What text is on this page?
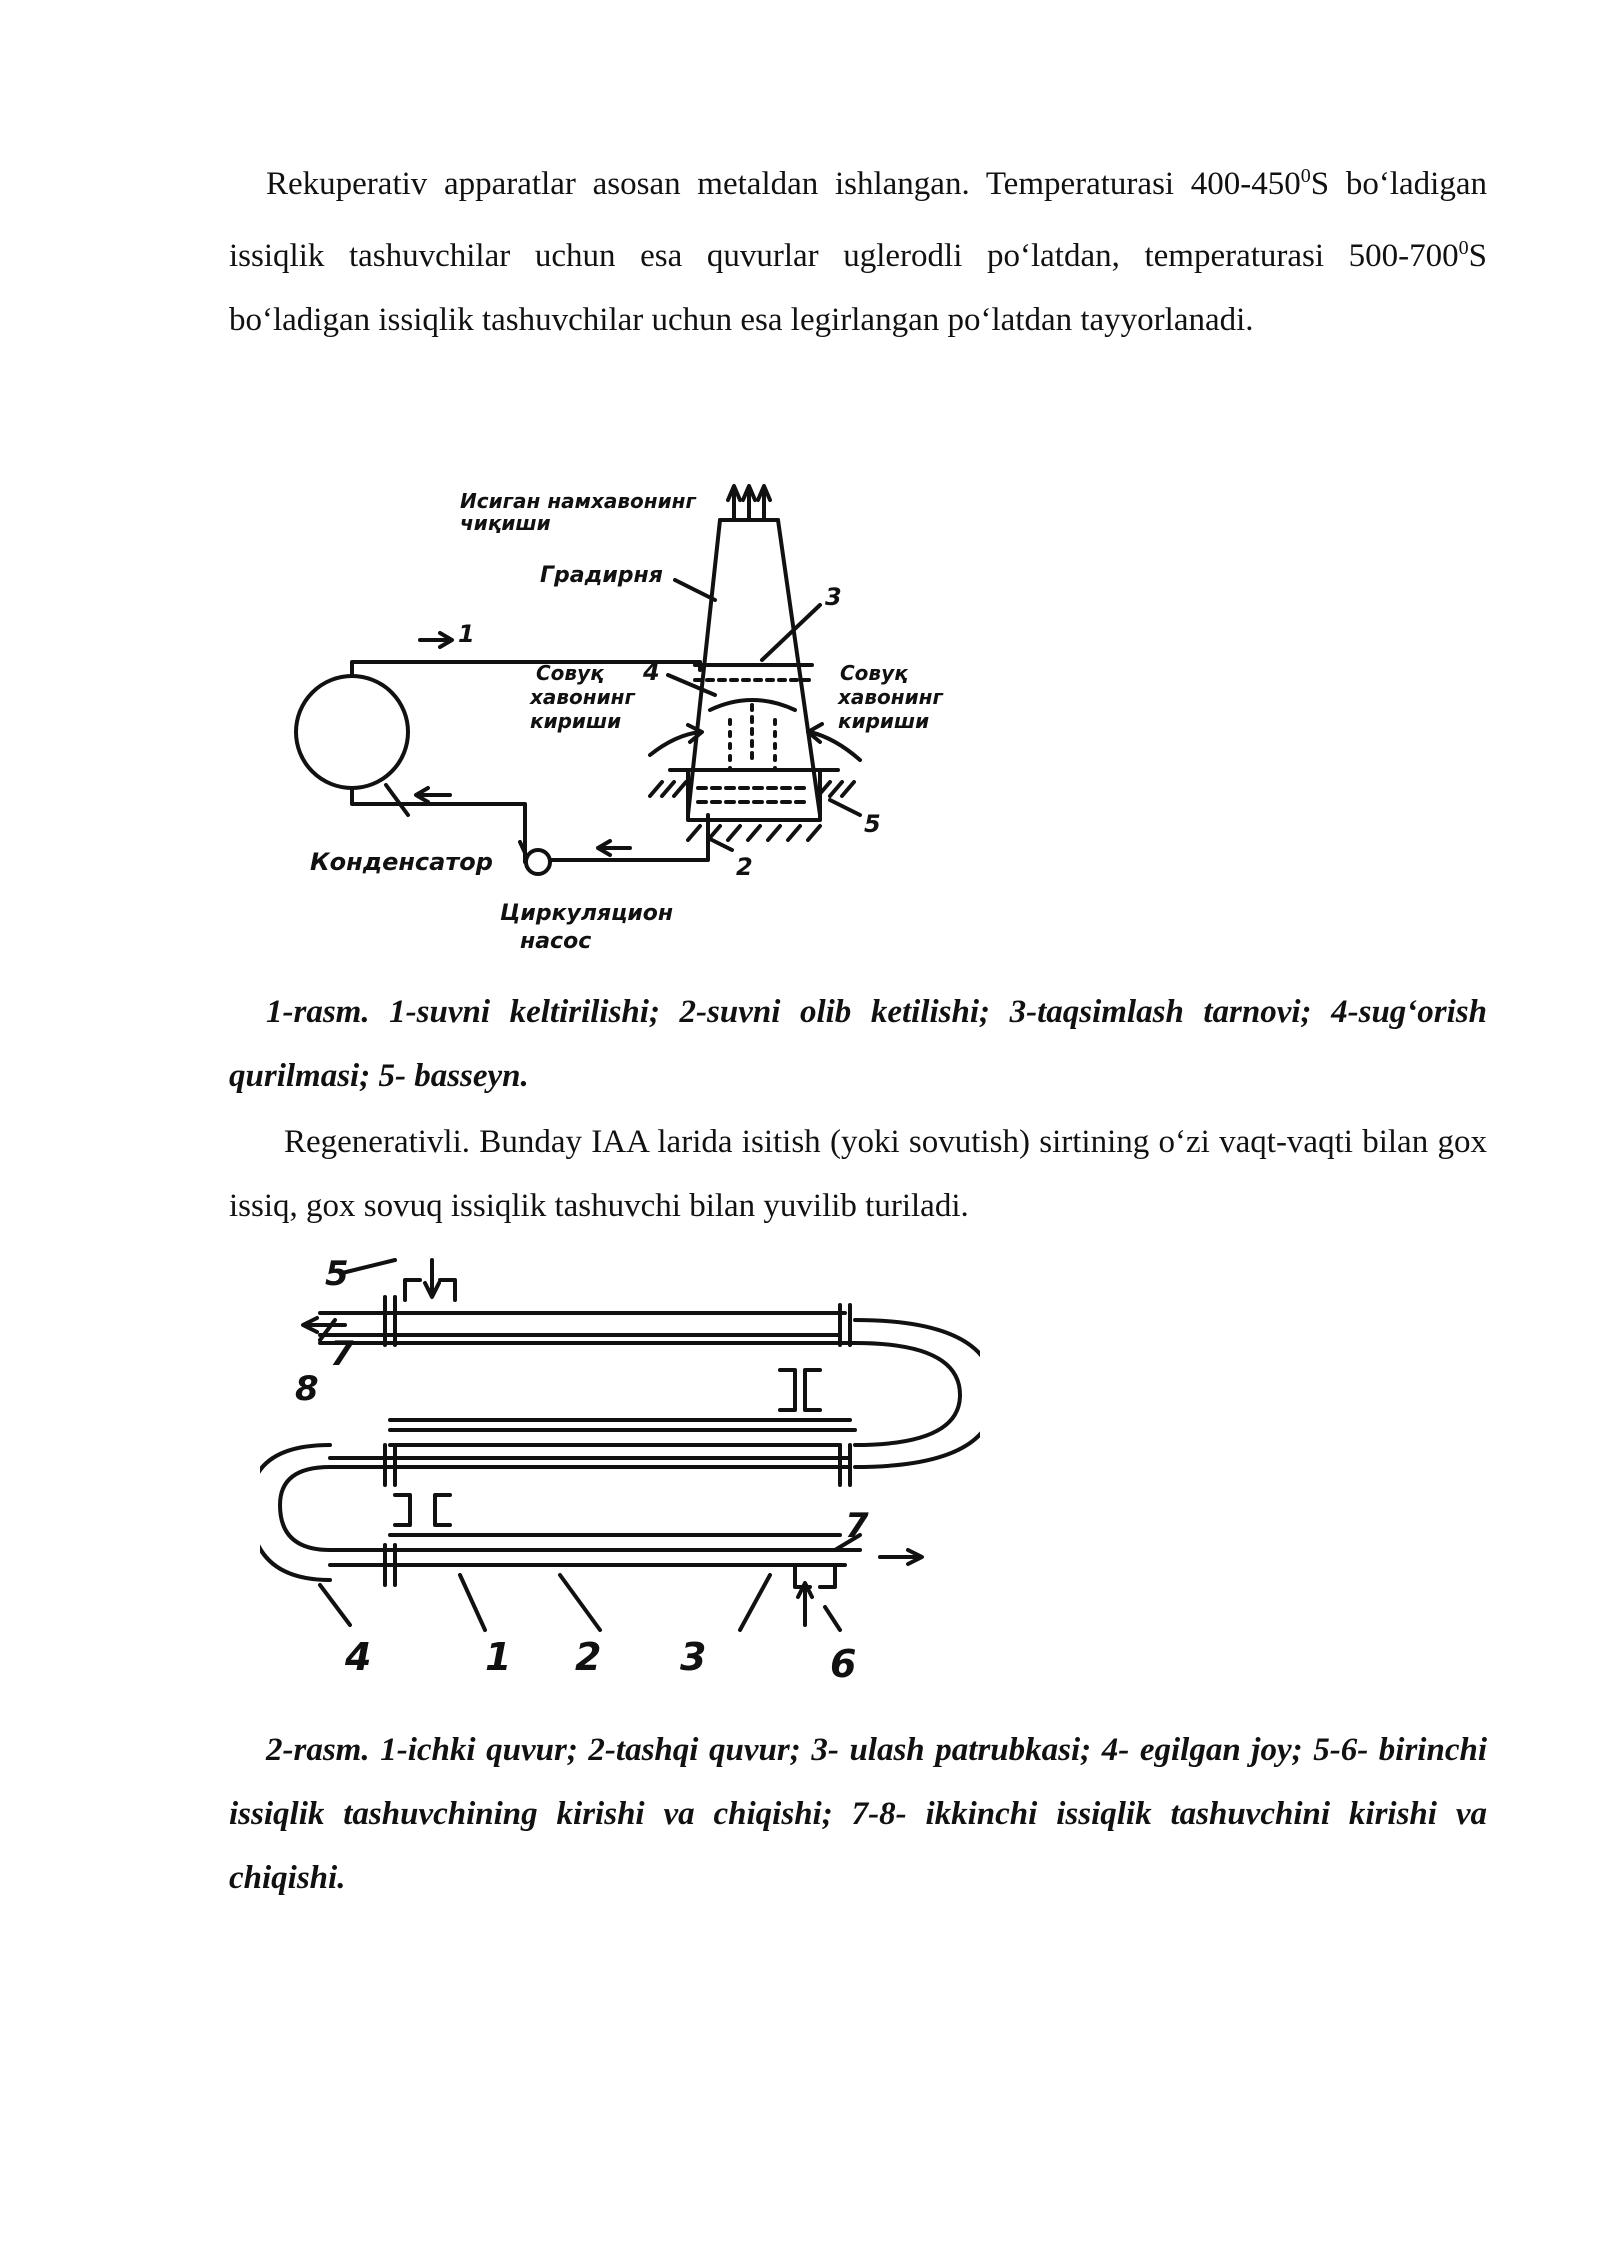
Rekuperativ apparatlar asosan metaldan ishlangan. Temperaturasi $400-450^0S$ bo‘ladigan issiqlik tashuvchilar uchun esa quvurlar uglerodli po‘latdan, temperaturasi $500-700^0S$ bo‘ladigan issiqlik tashuvchilar uchun esa legirlangan po‘latdan tayyorlanadi.

Исиган намхавонинг
чиқиши
Градирня
Совуқ
хавонинг
кириши
Совуқ
хавонинг
кириши
Конденсатор
Циркуляцион
насос
1
2
3
4
5

1-rasm. 1-suvni keltirilishi; 2-suvni olib ketilishi; 3-taqsimlash tarnovi; 4-sug‘orish qurilmasi; 5- basseyn.

Regenerativli. Bunday IAA larida isitish (yoki sovutish) sirtining o‘zi vaqt-vaqti bilan gox issiq, gox sovuq issiqlik tashuvchi bilan yuvilib turiladi.

5
7
8
7
4	1 2 3	6

2-rasm. 1-ichki quvur; 2-tashqi quvur; 3- ulash patrubkasi; 4- egilgan joy; 5-6- birinchi issiqlik tashuvchining kirishi va chiqishi; 7-8- ikkinchi issiqlik tashuvchini kirishi va chiqishi.
